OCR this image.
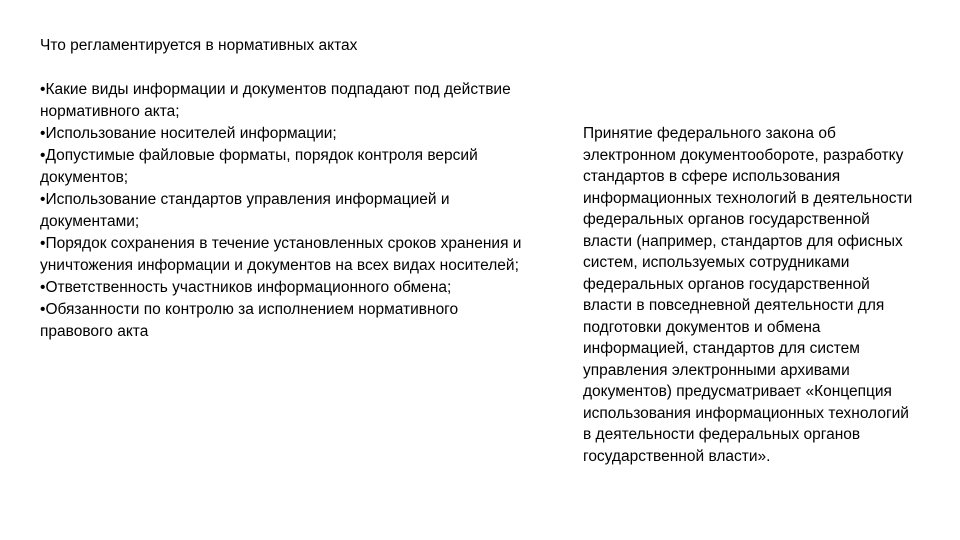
Что регламентируется в нормативных актах
•Какие виды информации и документов подпадают под действие нормативного акта;
•Использование носителей информации;
•Допустимые файловые форматы, порядок контроля версий документов;
•Использование стандартов управления информацией и документами;
•Порядок сохранения в течение установленных сроков хранения и уничтожения информации и документов на всех видах носителей;
•Ответственность участников информационного обмена;
•Обязанности по контролю за исполнением нормативного правового акта
Принятие федерального закона об электронном документообороте, разработку стандартов в сфере использования информационных технологий в деятельности федеральных органов государственной власти (например, стандартов для офисных систем, используемых сотрудниками федеральных органов государственной власти в повседневной деятельности для подготовки документов и обмена информацией, стандартов для систем управления электронными архивами документов) предусматривает «Концепция использования информационных технологий в деятельности федеральных органов государственной власти».
